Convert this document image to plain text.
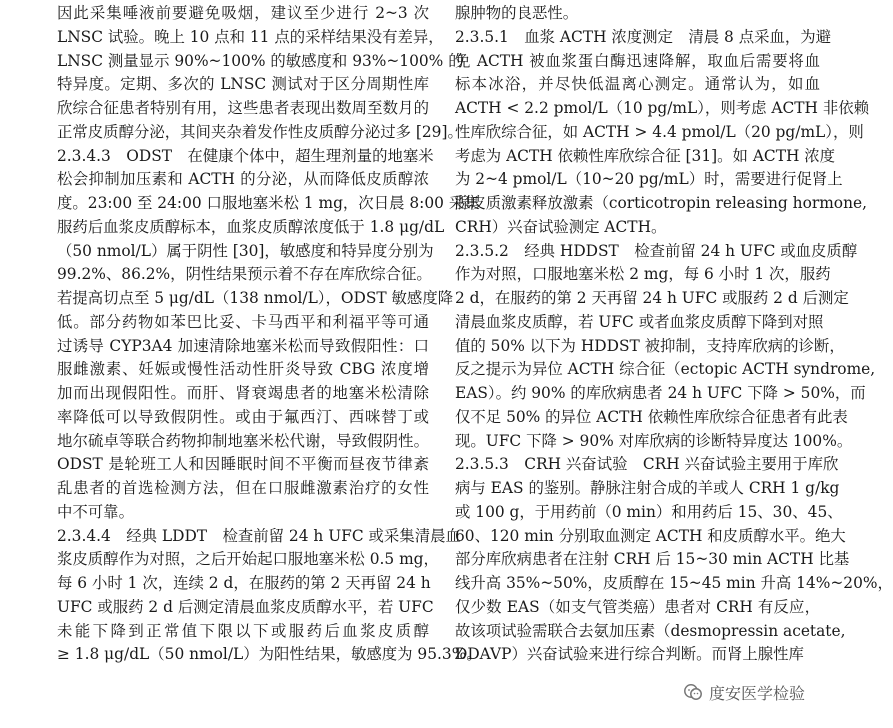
因此采集唾液前要避免吸烟，建议至少进行 2~3 次
LNSC 试验。晚上 10 点和 11 点的采样结果没有差异，
LNSC 测量显示 90%~100% 的敏感度和 93%~100% 的
特异度。定期、多次的 LNSC 测试对于区分周期性库
欣综合征患者特别有用，这些患者表现出数周至数月的
正常皮质醇分泌，其间夹杂着发作性皮质醇分泌过多 [29]。
2.3.4.3　ODST　在健康个体中，超生理剂量的地塞米
松会抑制加压素和 ACTH 的分泌，从而降低皮质醇浓
度。23:00 至 24:00 口服地塞米松 1 mg，次日晨 8:00 采集
服药后血浆皮质醇标本，血浆皮质醇浓度低于 1.8 μg/dL
（50 nmol/L）属于阴性 [30]，敏感度和特异度分别为
99.2%、86.2%，阴性结果预示着不存在库欣综合征。
若提高切点至 5 μg/dL（138 nmol/L），ODST 敏感度降
低。部分药物如苯巴比妥、卡马西平和利福平等可通
过诱导 CYP3A4 加速清除地塞米松而导致假阳性：口
服雌激素、妊娠或慢性活动性肝炎导致 CBG 浓度增
加而出现假阳性。而肝、肾衰竭患者的地塞米松清除
率降低可以导致假阴性。或由于氟西汀、西咪替丁或
地尔硫卓等联合药物抑制地塞米松代谢，导致假阴性。
ODST 是轮班工人和因睡眠时间不平衡而昼夜节律紊
乱患者的首选检测方法，但在口服雌激素治疗的女性
中不可靠。
2.3.4.4　经典 LDDT　检查前留 24 h UFC 或采集清晨血
浆皮质醇作为对照，之后开始起口服地塞米松 0.5 mg，
每 6 小时 1 次，连续 2 d，在服药的第 2 天再留 24 h
UFC 或服药 2 d 后测定清晨血浆皮质醇水平，若 UFC
未能下降到正常值下限以下或服药后血浆皮质醇
≥ 1.8 μg/dL（50 nmol/L）为阳性结果，敏感度为 95.3%。
腺肿物的良恶性。
2.3.5.1　血浆 ACTH 浓度测定　清晨 8 点采血，为避
免 ACTH 被血浆蛋白酶迅速降解，取血后需要将血
标本冰浴，并尽快低温离心测定。通常认为，如血
ACTH < 2.2 pmol/L（10 pg/mL），则考虑 ACTH 非依赖
性库欣综合征，如 ACTH > 4.4 pmol/L（20 pg/mL），则
考虑为 ACTH 依赖性库欣综合征 [31]。如 ACTH 浓度
为 2~4 pmol/L（10~20 pg/mL）时，需要进行促肾上
腺皮质激素释放激素（corticotropin releasing hormone,
CRH）兴奋试验测定 ACTH。
2.3.5.2　经典 HDDST　检查前留 24 h UFC 或血皮质醇
作为对照，口服地塞米松 2 mg，每 6 小时 1 次，服药
2 d，在服药的第 2 天再留 24 h UFC 或服药 2 d 后测定
清晨血浆皮质醇，若 UFC 或者血浆皮质醇下降到对照
值的 50% 以下为 HDDST 被抑制，支持库欣病的诊断，
反之提示为异位 ACTH 综合征（ectopic ACTH syndrome,
EAS）。约 90% 的库欣病患者 24 h UFC 下降 > 50%，而
仅不足 50% 的异位 ACTH 依赖性库欣综合征患者有此表
现。UFC 下降 > 90% 对库欣病的诊断特异度达 100%。
2.3.5.3　CRH 兴奋试验　CRH 兴奋试验主要用于库欣
病与 EAS 的鉴别。静脉注射合成的羊或人 CRH 1 g/kg
或 100 g，于用药前（0 min）和用药后 15、30、45、
60、120 min 分别取血测定 ACTH 和皮质醇水平。绝大
部分库欣病患者在注射 CRH 后 15~30 min ACTH 比基
线升高 35%~50%，皮质醇在 15~45 min 升高 14%~20%，
仅少数 EAS（如支气管类癌）患者对 CRH 有反应，
故该项试验需联合去氨加压素（desmopressin acetate,
DDAVP）兴奋试验来进行综合判断。而肾上腺性库
度安医学检验
